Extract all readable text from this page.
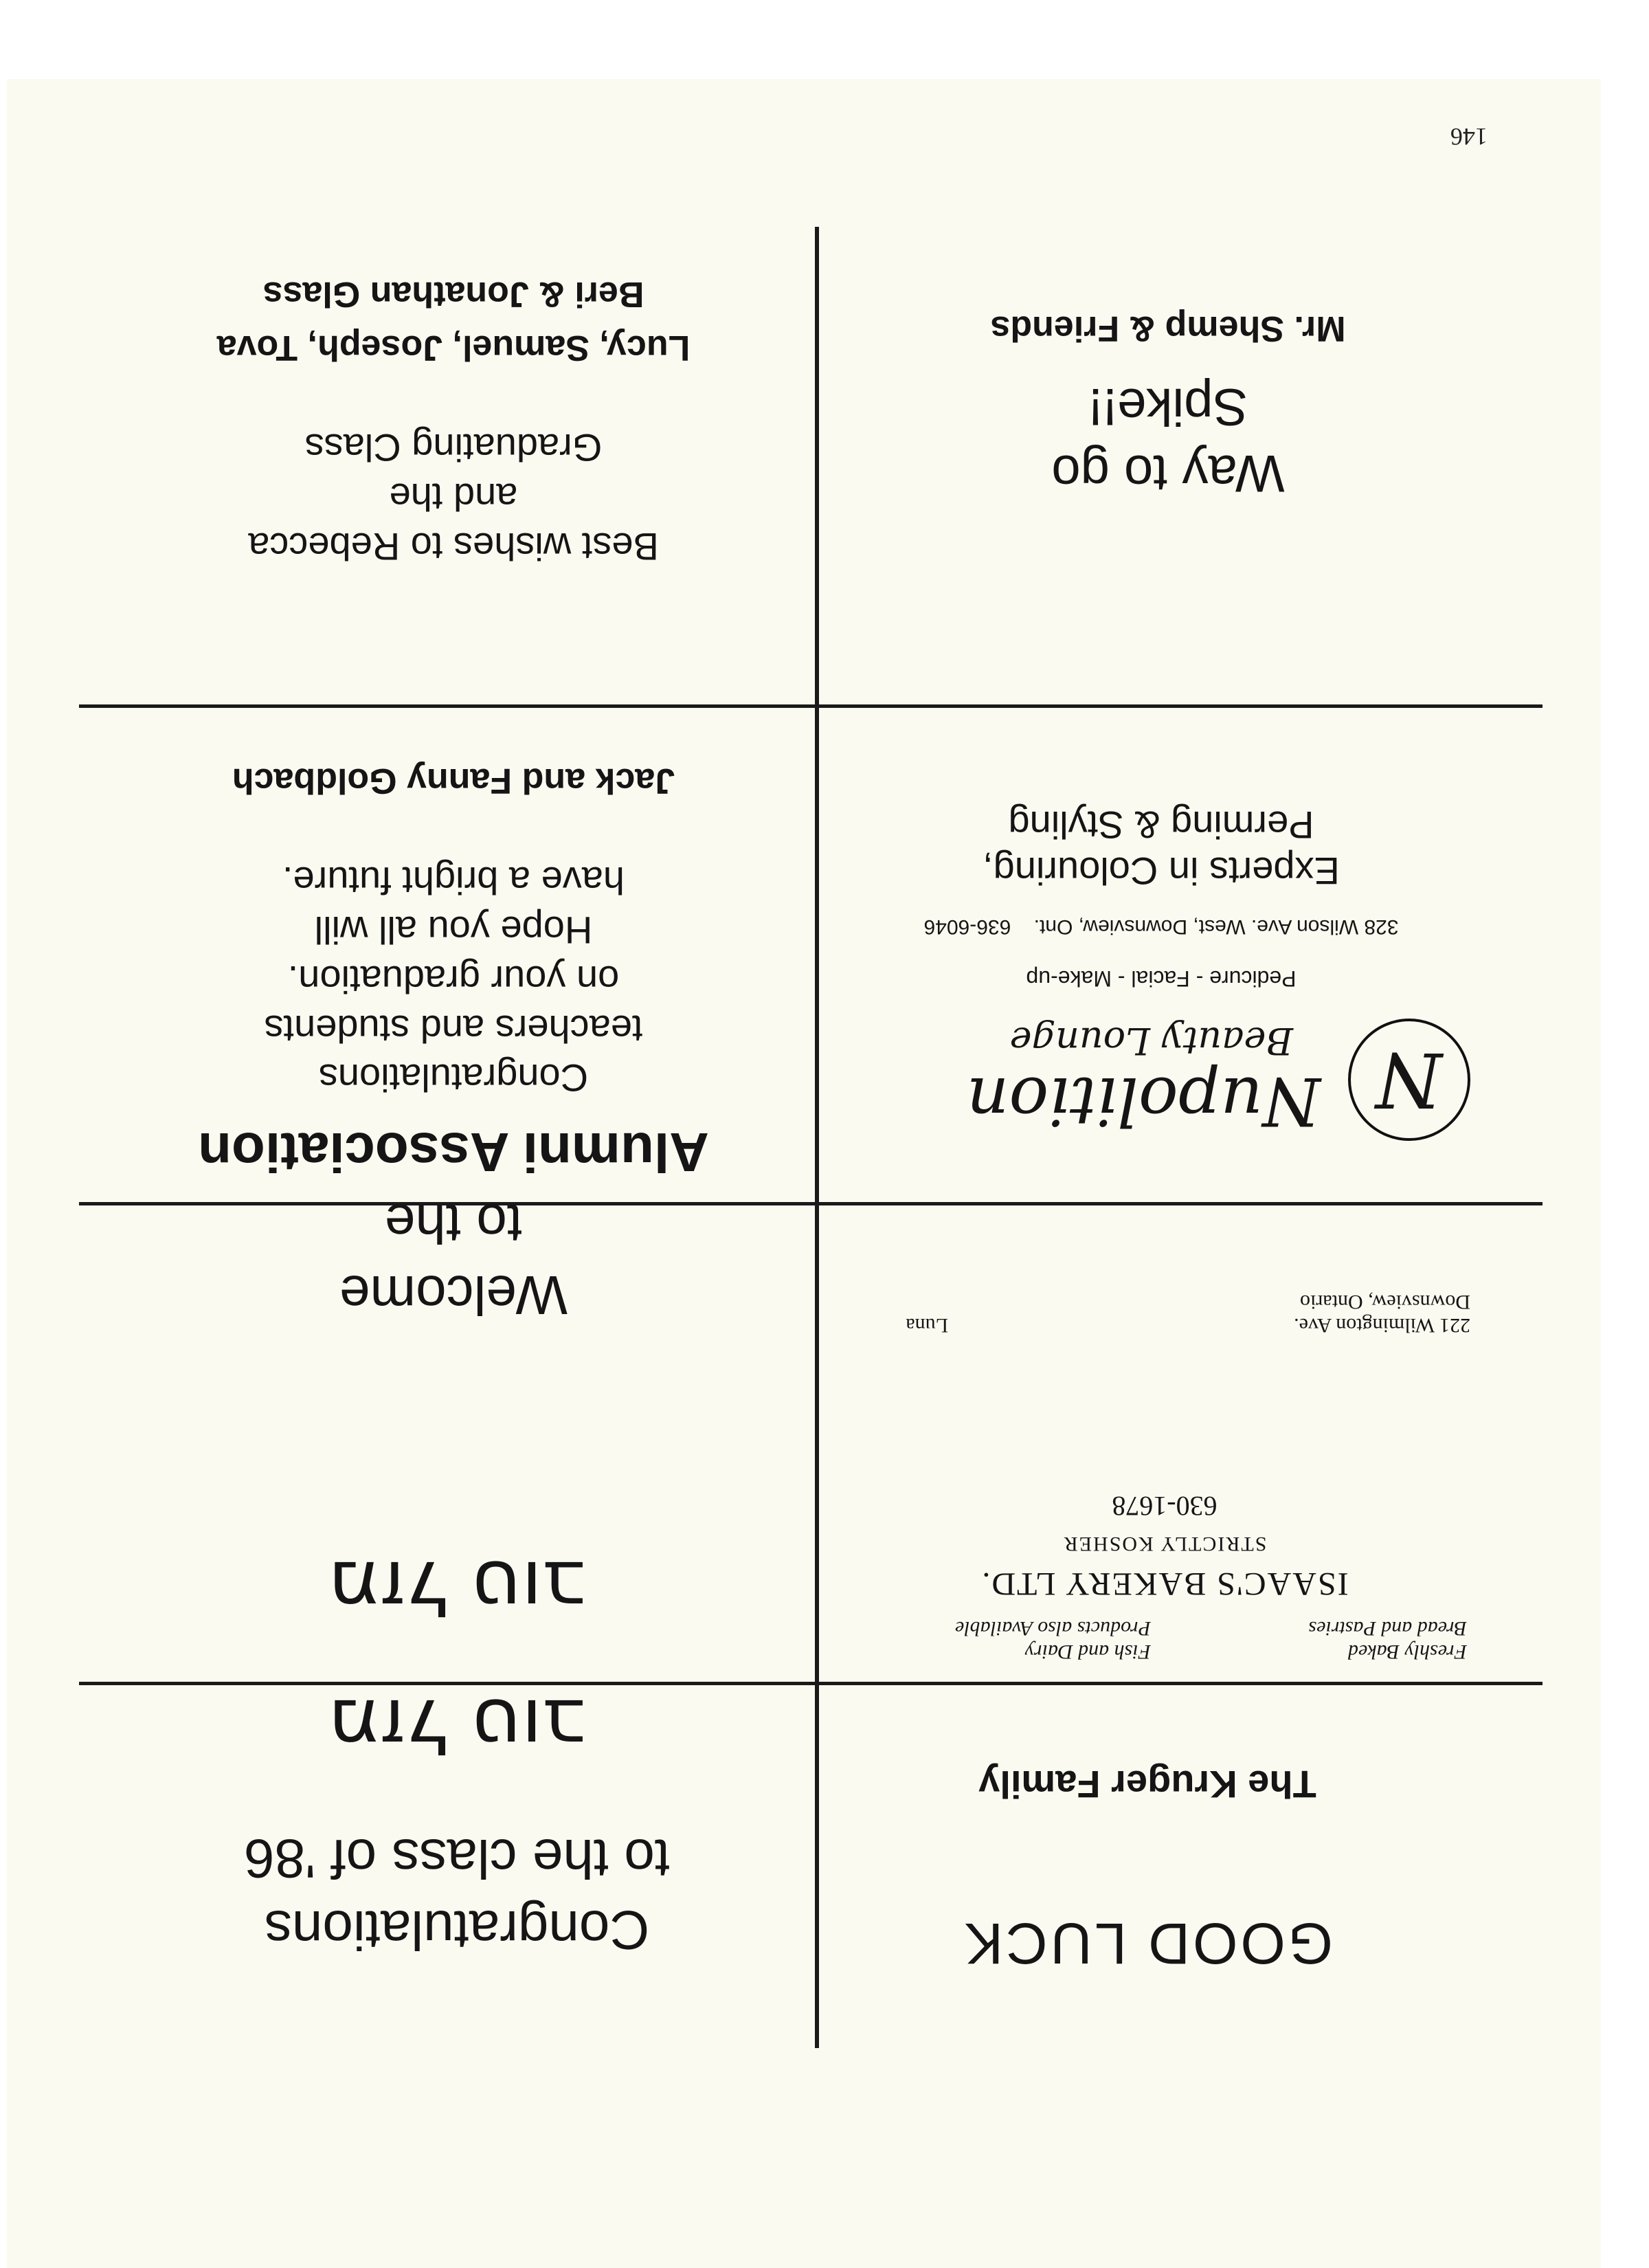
146
GOOD LUCK
The Kruger Family
Freshly Baked
Bread and Pastries
Fish and Dairy
Products also Available
ISAAC'S BAKERY LTD.
STRICTLY KOSHER
630-1678
221 Wilmington Ave.
Downsview, Ontario
Luna
N
Nupolition
Beauty Lounge
Pedicure - Facial - Make-up
328 Wilson Ave. West, Downsview, Ont.    636-6046
Experts in Colouring,
Perming & Styling
Way to go
Spike!!
Mr. Shemp & Friends
Congratulations
to the class of '86
מזל טוב
מזל טוב
Welcome
to the
Alumni Association
Congratulations
teachers and students
on your graduation.
Hope you all will
have a bright future.
Jack and Fanny Goldbach
Best wishes to Rebecca
and the
Graduating Class
Lucy, Samuel, Joseph, Tova
Beri & Jonathan Glass
